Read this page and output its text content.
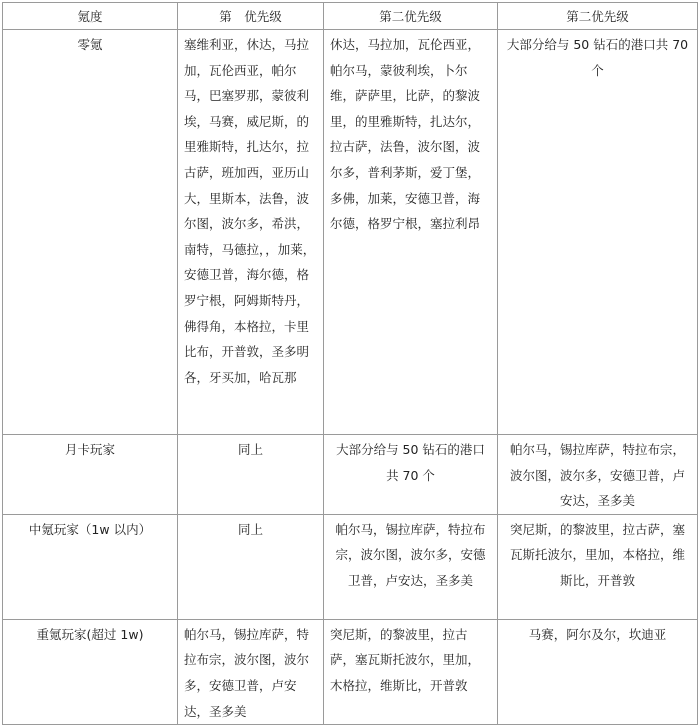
氪度	第　优先级	第二优先级	第二优先级
零氪	塞维利亚，休达，马拉加，瓦伦西亚，帕尔马，巴塞罗那，蒙彼利埃，马赛，威尼斯，的里雅斯特，扎达尔，拉古萨，班加西，亚历山大，里斯本，法鲁，波尔图，波尔多，希洪，南特，马德拉，，加莱，安德卫普，海尔德，格罗宁根，阿姆斯特丹，佛得角，本格拉，卡里比布，开普敦，圣多明各，牙买加，哈瓦那	休达，马拉加，瓦伦西亚，帕尔马，蒙彼利埃，卜尔维，萨萨里，比萨，的黎波里，的里雅斯特，扎达尔，拉古萨，法鲁，波尔图，波尔多，普利茅斯，爱丁堡，多佛，加莱，安德卫普，海尔德，格罗宁根，塞拉利昂	大部分给与 50 钻石的港口共 70 个
月卡玩家	同上	大部分给与 50 钻石的港口共 70 个	帕尔马，锡拉库萨，特拉布宗，波尔图，波尔多，安德卫普，卢安达，圣多美
中氪玩家（1w 以内）	同上	帕尔马，锡拉库萨，特拉布宗，波尔图，波尔多，安德卫普，卢安达，圣多美	突尼斯，的黎波里，拉古萨，塞瓦斯托波尔，里加，本格拉，维斯比，开普敦
重氪玩家(超过 1w)	帕尔马，锡拉库萨，特拉布宗，波尔图，波尔多，安德卫普，卢安达，圣多美	突尼斯，的黎波里，拉古萨，塞瓦斯托波尔，里加，木格拉，维斯比，开普敦	马赛，阿尔及尔，坎迪亚
